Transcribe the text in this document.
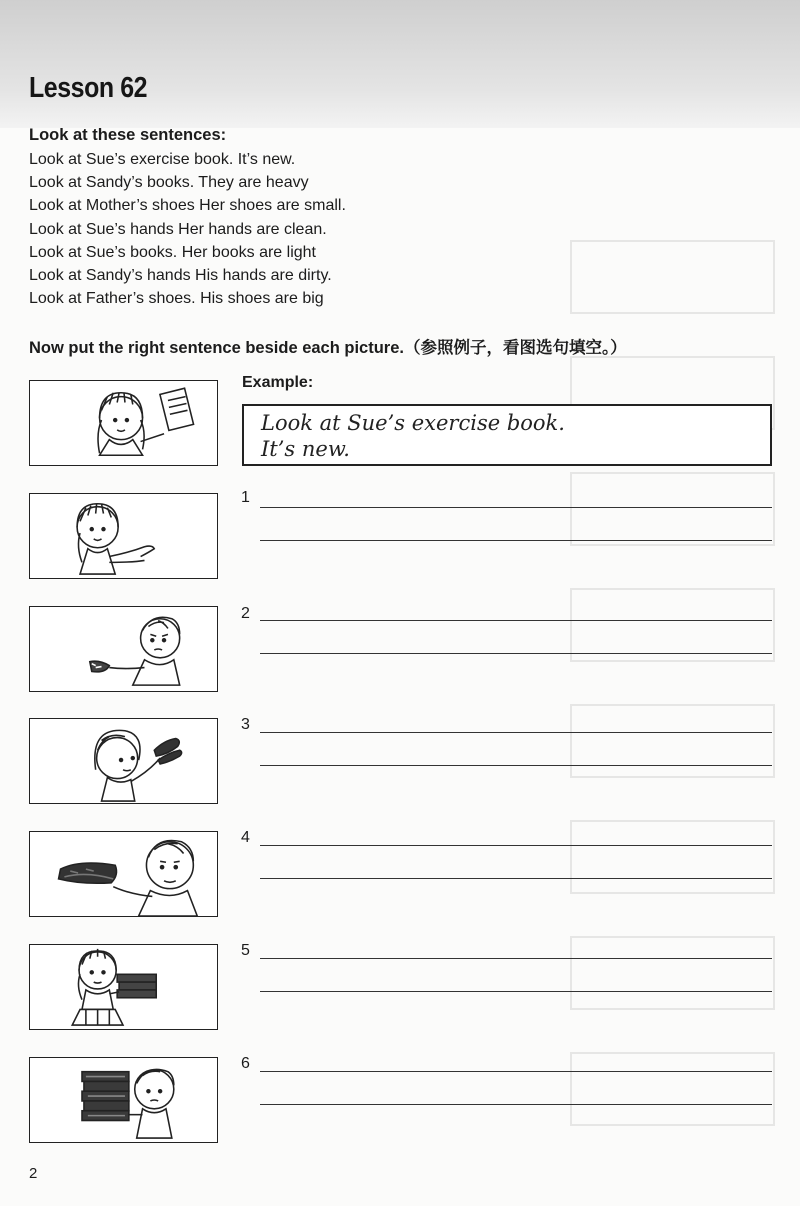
Lesson 62

Look at these sentences:

Look at Sue’s exercise book. It’s new.
Look at Sandy’s books. They are heavy
Look at Mother’s shoes Her shoes are small.
Look at Sue’s hands Her hands are clean.
Look at Sue’s books. Her books are light
Look at Sandy’s hands His hands are dirty.
Look at Father’s shoes. His shoes are big

Now put the right sentence beside each picture.（参照例子，看图选句填空。）

Example:
Look at Sue’s exercise book.
It’s new.
1
2
3
4
5
6
2
